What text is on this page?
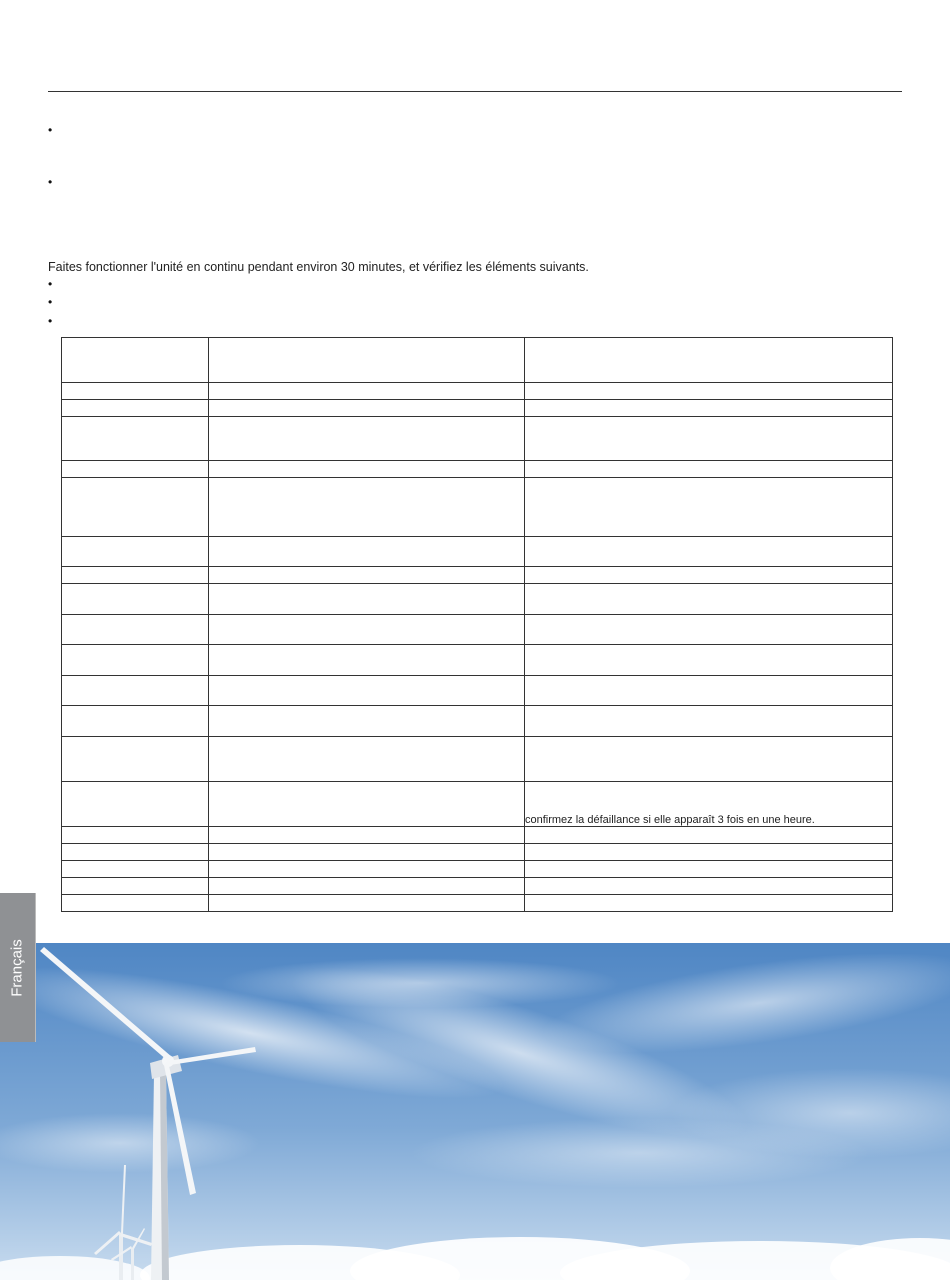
•
•
Faites fonctionner l'unité en continu pendant environ 30 minutes, et vérifiez les éléments suivants.
•
•
•

		confirmez la défaillance si elle apparaît 3 fois en une heure.

Français
